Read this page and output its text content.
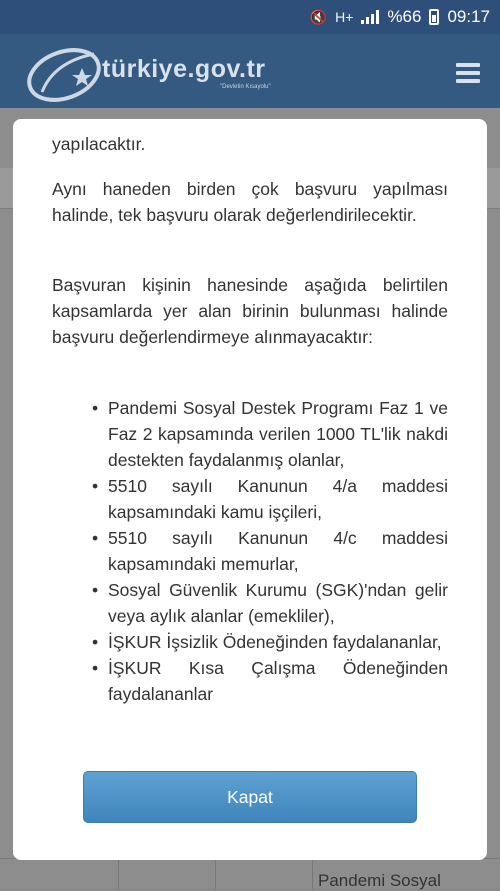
🔇 H+ %66 09:17
türkiye.gov.tr
"Devletin Kısayolu"
Pandemi Sosyal

yapılacaktır.

Aynı haneden birden çok başvuru yapılması halinde, tek başvuru olarak değerlendirilecektir.

Başvuran kişinin hanesinde aşağıda belirtilen kapsamlarda yer alan birinin bulunması halinde başvuru değerlendirmeye alınmayacaktır:

• Pandemi Sosyal Destek Programı Faz 1 ve Faz 2 kapsamında verilen 1000 TL'lik nakdi destekten faydalanmış olanlar,
• 5510 sayılı Kanunun 4/a maddesi kapsamındaki kamu işçileri,
• 5510 sayılı Kanunun 4/c maddesi kapsamındaki memurlar,
• Sosyal Güvenlik Kurumu (SGK)'ndan gelir veya aylık alanlar (emekliler),
• İŞKUR İşsizlik Ödeneğinden faydalananlar,
• İŞKUR Kısa Çalışma Ödeneğinden faydalananlar
Kapat
